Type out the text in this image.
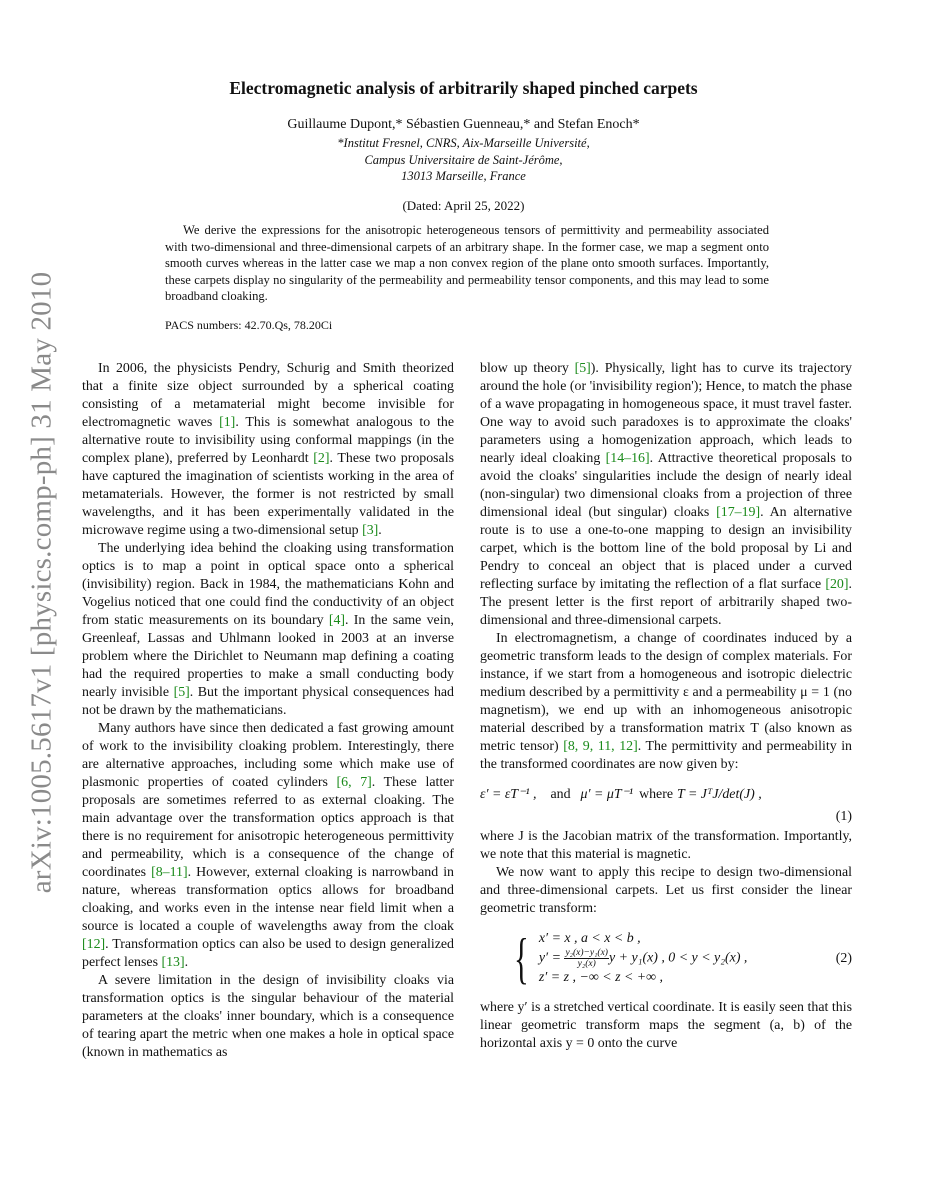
arXiv:1005.5617v1 [physics.comp-ph] 31 May 2010
Electromagnetic analysis of arbitrarily shaped pinched carpets
Guillaume Dupont,* Sébastien Guenneau,* and Stefan Enoch*
*Institut Fresnel, CNRS, Aix-Marseille Université,
Campus Universitaire de Saint-Jérôme,
13013 Marseille, France
(Dated: April 25, 2022)

We derive the expressions for the anisotropic heterogeneous tensors of permittivity and permeability associated with two-dimensional and three-dimensional carpets of an arbitrary shape. In the former case, we map a segment onto smooth curves whereas in the latter case we map a non convex region of the plane onto smooth surfaces. Importantly, these carpets display no singularity of the permeability and permeability tensor components, and this may lead to some broadband cloaking.

PACS numbers: 42.70.Qs, 78.20Ci

In 2006, the physicists Pendry, Schurig and Smith theorized that a finite size object surrounded by a spherical coating consisting of a metamaterial might become invisible for electromagnetic waves [1]. This is somewhat analogous to the alternative route to invisibility using conformal mappings (in the complex plane), preferred by Leonhardt [2]. These two proposals have captured the imagination of scientists working in the area of metamaterials. However, the former is not restricted by small wavelengths, and it has been experimentally validated in the microwave regime using a two-dimensional setup [3].

The underlying idea behind the cloaking using transformation optics is to map a point in optical space onto a spherical (invisibility) region. Back in 1984, the mathematicians Kohn and Vogelius noticed that one could find the conductivity of an object from static measurements on its boundary [4]. In the same vein, Greenleaf, Lassas and Uhlmann looked in 2003 at an inverse problem where the Dirichlet to Neumann map defining a coating had the required properties to make a small conducting body nearly invisible [5]. But the important physical consequences had not be drawn by the mathematicians.

Many authors have since then dedicated a fast growing amount of work to the invisibility cloaking problem. Interestingly, there are alternative approaches, including some which make use of plasmonic properties of coated cylinders [6, 7]. These latter proposals are sometimes referred to as external cloaking. The main advantage over the transformation optics approach is that there is no requirement for anisotropic heterogeneous permittivity and permeability, which is a consequence of the change of coordinates [8–11]. However, external cloaking is narrowband in nature, whereas transformation optics allows for broadband cloaking, and works even in the intense near field limit when a source is located a couple of wavelengths away from the cloak [12]. Transformation optics can also be used to design generalized perfect lenses [13].

A severe limitation in the design of invisibility cloaks via transformation optics is the singular behaviour of the material parameters at the cloaks' inner boundary, which is a consequence of tearing apart the metric when one makes a hole in optical space (known in mathematics as

blow up theory [5]). Physically, light has to curve its trajectory around the hole (or 'invisibility region'); Hence, to match the phase of a wave propagating in homogeneous space, it must travel faster. One way to avoid such paradoxes is to approximate the cloaks' parameters using a homogenization approach, which leads to nearly ideal cloaking [14–16]. Attractive theoretical proposals to avoid the cloaks' singularities include the design of nearly ideal (non-singular) two dimensional cloaks from a projection of three dimensional ideal (but singular) cloaks [17–19]. An alternative route is to use a one-to-one mapping to design an invisibility carpet, which is the bottom line of the bold proposal by Li and Pendry to conceal an object that is placed under a curved reflecting surface by imitating the reflection of a flat surface [20]. The present letter is the first report of arbitrarily shaped two-dimensional and three-dimensional carpets.

In electromagnetism, a change of coordinates induced by a geometric transform leads to the design of complex materials. For instance, if we start from a homogeneous and isotropic dielectric medium described by a permittivity ε and a permeability μ = 1 (no magnetism), we end up with an inhomogeneous anisotropic material described by a transformation matrix T (also known as metric tensor) [8, 9, 11, 12]. The permittivity and permeability in the transformed coordinates are now given by:

ε′ = εT⁻¹ , and μ′ = μT⁻¹ where T = JᵀJ/det(J) ,
(1)

where J is the Jacobian matrix of the transformation. Importantly, we note that this material is magnetic.

We now want to apply this recipe to design two-dimensional and three-dimensional carpets. Let us first consider the linear geometric transform:

{ x′ = x , a < x < b ,
$y' = \frac{\text{y₂(x)−y₁(x)}}{\text{y₂(x)}}$ y + y₁(x) , 0 < y < y₂(x) ,
z′ = z , −∞ < z < +∞ ,
(2)

where y′ is a stretched vertical coordinate. It is easily seen that this linear geometric transform maps the segment (a, b) of the horizontal axis y = 0 onto the curve
